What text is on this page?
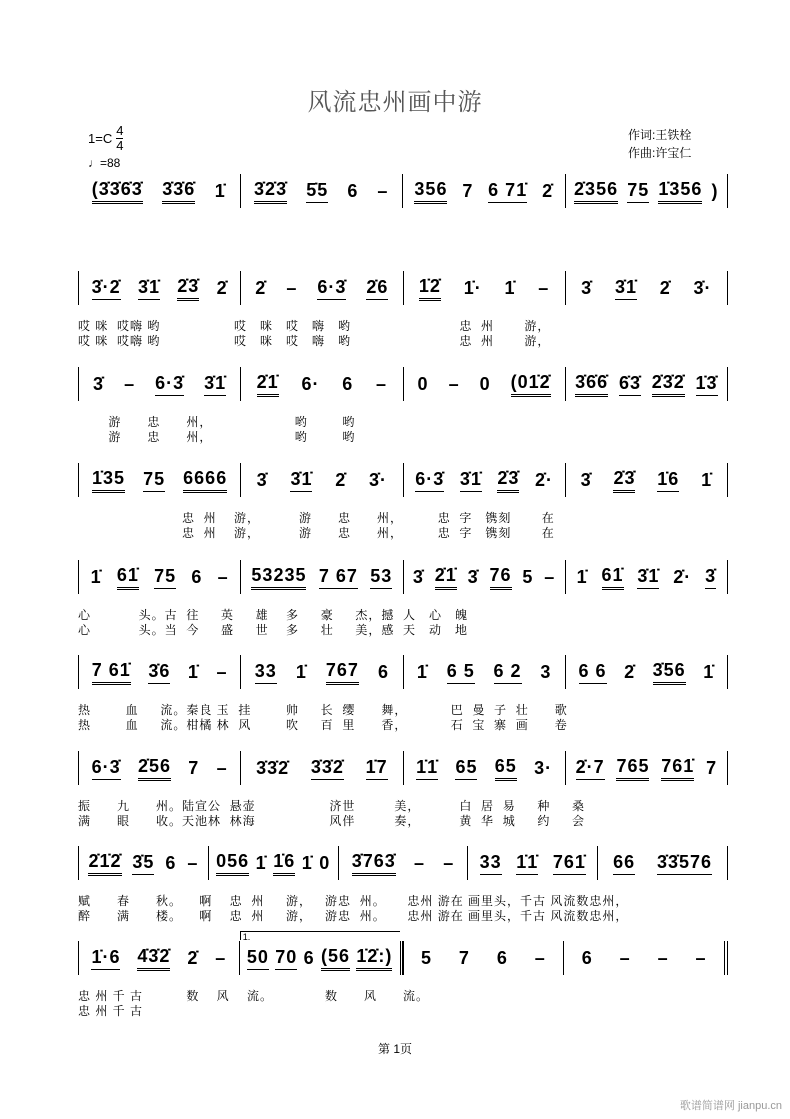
风流忠州画中游
$1=C \frac{4}{4}$
♩=88
作词:王铁栓
作曲:许宝仁
(3̇3̇6̇3̇ 3̇3̇6̇ 1̇ 3̇2̇3̇ 5̇5 6 – 356 7 6 71̇ 2̇ 2̇356 75 1̇356 )
3̇·2̇ 3̇1̇ 2̇3̇ 2̇ 2̇ – 6·3̇ 2̇6 1̇2̇ 1̇· 1̇ – 3̇ 3̇1̇ 2̇ 3̇·
哎 咪  哎嗨 哟                 哎   咪   哎   嗨   哟                         忠  州       游，
哎 咪  哎嗨 哟                 哎   咪   哎   嗨   哟                         忠  州       游，
3̇ – 6·3̇ 3̇1̇ 2̇1̇ 6· 6 – 0 – 0 (01̇2̇ 3̇6̇6̇ 6̇3̇ 2̇3̇2̇ 1̇3̇
游      忠      州，                   哟        哟
游      忠      州，                   哟        哟
1̇35 75 6666 3̇ 3̇1̇ 2̇ 3̇· 6·3̇ 3̇1̇ 2̇3̇ 2̇· 3̇ 2̇3̇ 1̇6 1̇
忠  州    游，         游      忠      州，        忠  字   镌刻       在
忠  州    游，         游      忠      州，        忠  字   镌刻       在
1̇ 61̇ 75 6 – 53235 7 67 53 3̇ 2̇1̇ 3̇ 76 5 – 1̇ 61̇ 3̇1̇ 2̇· 3̇
心           头。古  往     英     雄    多     豪     杰，撼  人   心   魄
心           头。当  今     盛     世    多     壮     美，感  天   动   地
7 61̇ 3̇6 1̇ – 33 1̇ 767 6 1̇ 6 5 6 2 3 6 6 2̇ 3̇56 1̇
热        血     流。秦良 玉  挂        帅     长  缨      舞，          巴  曼  子  壮      歌
热        血     流。柑橘 林  风        吹     百  里      香，          石  宝  寨  画      卷
6·3̇ 2̇56 7 – 3̇3̇2̇ 3̇3̇2̇ 1̇7 1̇1̇ 65 65 3· 2̇·7 765 761̇ 7
振      九      州。陆宣公  悬壶                 济世         美，         白  居  易     种     桑
满      眼      收。天池林  林海                 风伴         奏，         黄  华  城     约     会
2̇1̇2̇ 3̇5 6 – 056 1̇ 1̇6 1̇ 0 3̇763̇ – – 33 1̇1̇ 761̇ 66 3̇3̇576
赋      春      秋。    啊    忠  州     游，   游忠  州。     忠州 游在 画里头，千古 风流数忠州，
醉      满      楼。    啊    忠  州     游，   游忠  州。     忠州 游在 画里头，千古 风流数忠州，
1̇·6 4̇3̇2̇ 2̇ –
1.
50 70 6 (56 1̇2̇:) 5 7 6 – 6 – – –
忠 州 千 古          数    风    流。            数      风      流。
忠 州 千 古
第 1页
歌谱简谱网 jianpu.cn
